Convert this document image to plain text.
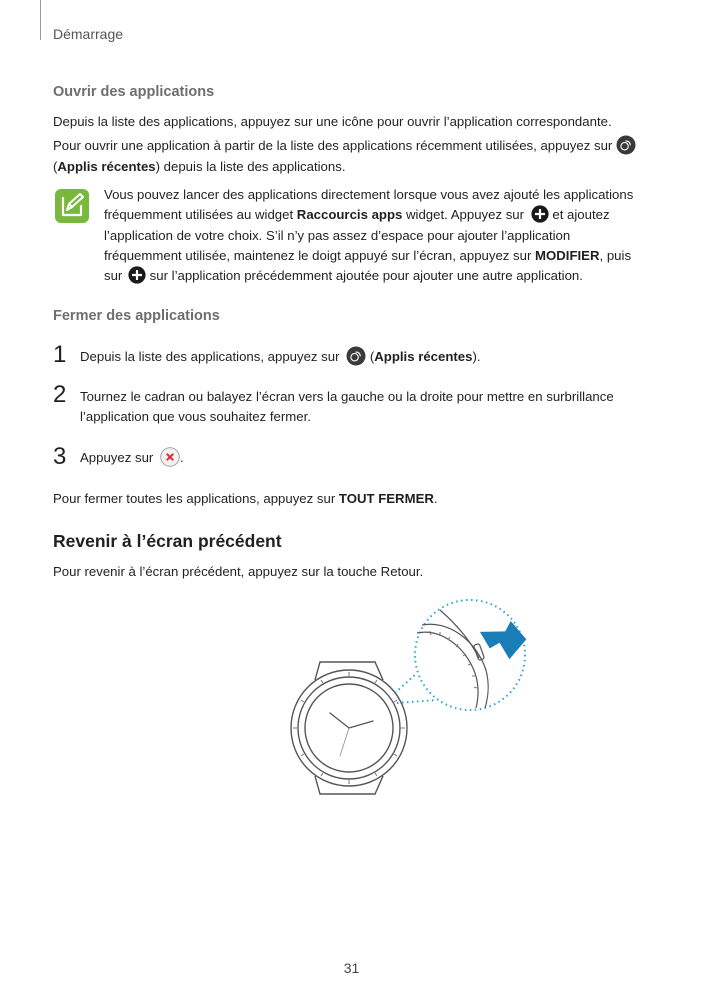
Démarrage
Ouvrir des applications
Depuis la liste des applications, appuyez sur une icône pour ouvrir l’application correspondante.
Pour ouvrir une application à partir de la liste des applications récemment utilisées, appuyez sur
(Applis récentes) depuis la liste des applications.
Vous pouvez lancer des applications directement lorsque vous avez ajouté les applications
fréquemment utilisées au widget Raccourcis apps widget. Appuyez sur  et ajoutez
l’application de votre choix. S’il n’y pas assez d’espace pour ajouter l’application
fréquemment utilisée, maintenez le doigt appuyé sur l’écran, appuyez sur MODIFIER, puis
sur  sur l’application précédemment ajoutée pour ajouter une autre application.
Fermer des applications
1 Depuis la liste des applications, appuyez sur  (Applis récentes).
2 Tournez le cadran ou balayez l’écran vers la gauche ou la droite pour mettre en surbrillance
l’application que vous souhaitez fermer.
3 Appuyez sur .
Pour fermer toutes les applications, appuyez sur TOUT FERMER.
Revenir à l’écran précédent
Pour revenir à l’écran précédent, appuyez sur la touche Retour.
31
